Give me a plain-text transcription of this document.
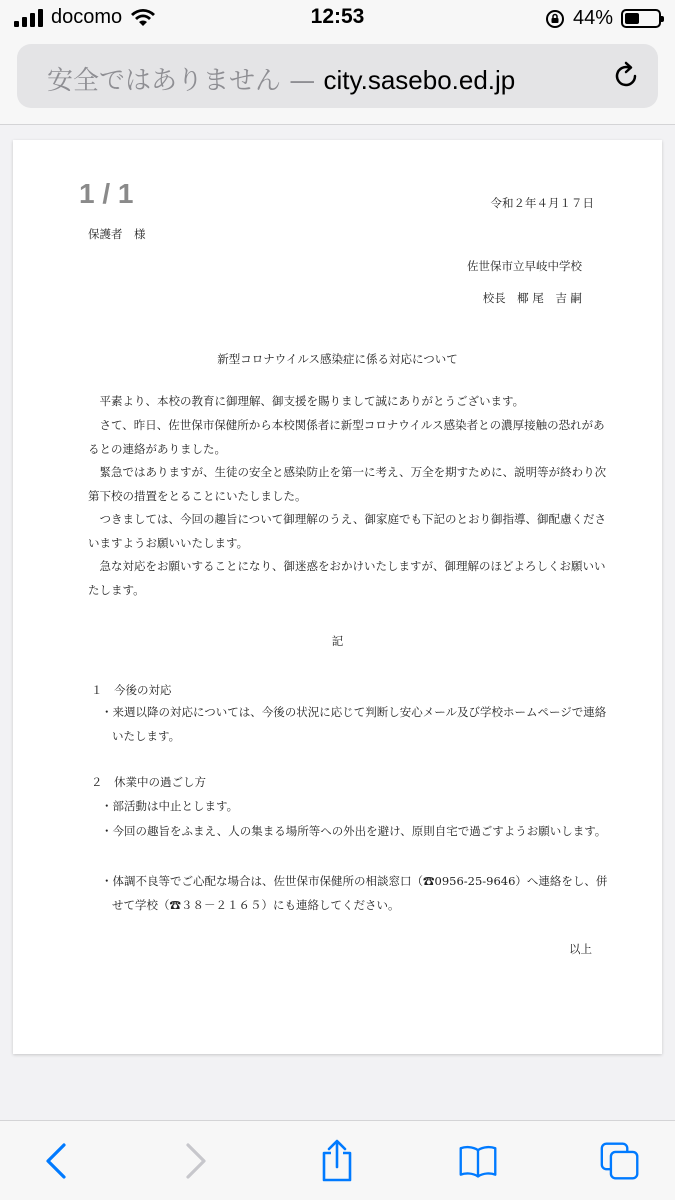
docomo	12:53	44%
安全ではありません — city.sasebo.ed.jp
1 / 1	令和２年４月１７日
保護者　様
佐世保市立早岐中学校
校長　椰 尾　吉 嗣
新型コロナウイルス感染症に係る対応について
平素より、本校の教育に御理解、御支援を賜りまして誠にありがとうございます。
さて、昨日、佐世保市保健所から本校関係者に新型コロナウイルス感染者との濃厚接触の恐れがあるとの連絡がありました。
緊急ではありますが、生徒の安全と感染防止を第一に考え、万全を期すために、説明等が終わり次第下校の措置をとることにいたしました。
つきましては、今回の趣旨について御理解のうえ、御家庭でも下記のとおり御指導、御配慮くださいますようお願いいたします。
急な対応をお願いすることになり、御迷惑をおかけいたしますが、御理解のほどよろしくお願いいたします。
記
１　今後の対応
・来週以降の対応については、今後の状況に応じて判断し安心メール及び学校ホームページで連絡いたします。
２　休業中の過ごし方
・部活動は中止とします。
・今回の趣旨をふまえ、人の集まる場所等への外出を避け、原則自宅で過ごすようお願いします。
・体調不良等でご心配な場合は、佐世保市保健所の相談窓口（☎0956-25-9646）へ連絡をし、併せて学校（☎３８－２１６５）にも連絡してください。
以上
